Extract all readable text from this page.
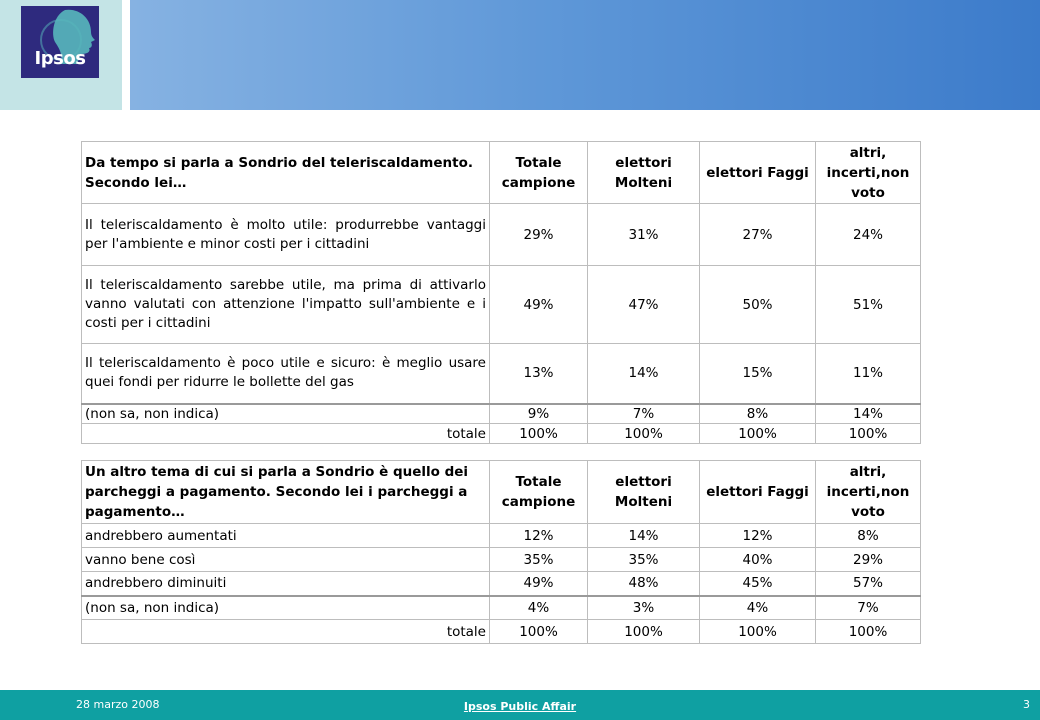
Ipsos
Da tempo si parla a Sondrio del teleriscaldamento. Secondo lei…	Totale campione	elettori Molteni	elettori Faggi	altri, incerti,non voto
Il teleriscaldamento è molto utile: produrrebbe vantaggi per l'ambiente e minor costi per i cittadini	29%	31%	27%	24%
Il teleriscaldamento sarebbe utile, ma prima di attivarlo vanno valutati con attenzione l'impatto sull'ambiente e i costi per i cittadini	49%	47%	50%	51%
Il teleriscaldamento è poco utile e sicuro: è meglio usare quei fondi per ridurre le bollette del gas	13%	14%	15%	11%
(non sa, non indica)	9%	7%	8%	14%
totale	100%	100%	100%	100%
Un altro tema di cui si parla a Sondrio è quello dei parcheggi a pagamento. Secondo lei i parcheggi a pagamento…	Totale campione	elettori Molteni	elettori Faggi	altri, incerti,non voto
andrebbero aumentati	12%	14%	12%	8%
vanno bene così	35%	35%	40%	29%
andrebbero diminuiti	49%	48%	45%	57%
(non sa, non indica)	4%	3%	4%	7%
totale	100%	100%	100%	100%
28 marzo 2008	Ipsos Public Affair	3
